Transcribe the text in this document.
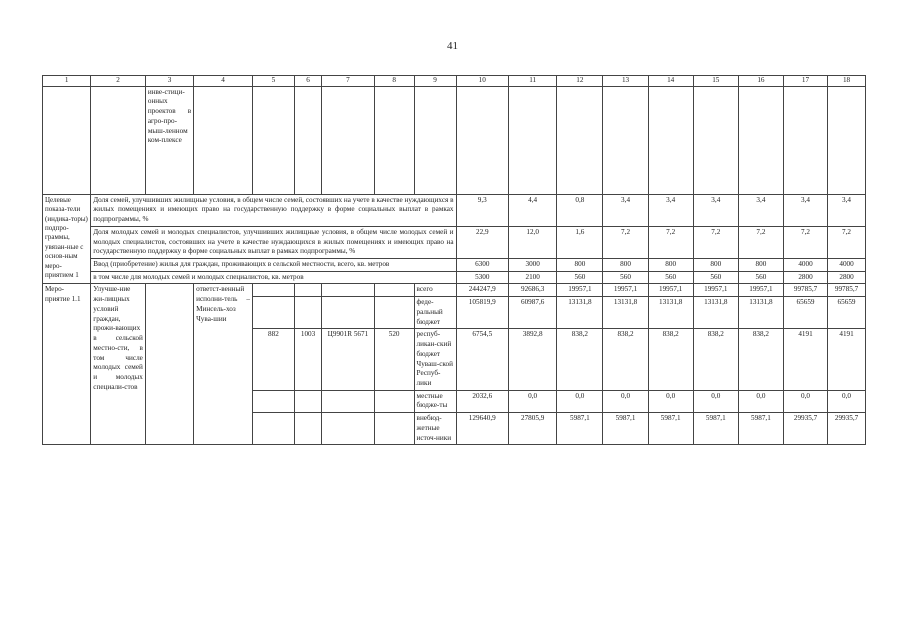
41
1	2	3	4	5	6	7	8	9	10	11	12	13	14	15	16	17	18
		инве-стици-онных проектов в агро-про-мыш-ленном ком-плексе															
Целевые показа-тели (индика-торы) подпро-граммы, увязан-ные с основ-ным меро-приятием 1	Доля семей, улучшивших жилищные условия, в общем числе семей, состоявших на учете в качестве нуждающихся в жилых помещениях и имеющих право на государственную поддержку в форме социальных выплат в рамках подпрограммы, %								9,3	4,4	0,8	3,4	3,4	3,4	3,4	3,4	3,4
	Доля молодых семей и молодых специалистов, улучшивших жилищные условия, в общем числе молодых семей и молодых специалистов, состоявших на учете в качестве нуждающихся в жилых помещениях и имеющих право на государственную поддержку в форме социальных выплат в рамках подпрограммы, %								22,9	12,0	1,6	7,2	7,2	7,2	7,2	7,2	7,2
	Ввод (приобретение) жилья для граждан, проживающих в сельской местности, всего, кв. метров								6300	3000	800	800	800	800	800	4000	4000
	в том числе для молодых семей и молодых специалистов, кв. метров								5300	2100	560	560	560	560	560	2800	2800
Меро-приятие 1.1	Улучше-ние жи-лищных условий граждан, прожи-вающих в сельской местно-сти, в том числе молодых семей и молодых специали-стов		ответст-венный исполни-тель – Минсель-хоз Чува-шии					всего	244247,9	92686,3	19957,1	19957,1	19957,1	19957,1	19957,1	99785,7	99785,7
								феде-ральный бюджет	105819,9	60987,6	13131,8	13131,8	13131,8	13131,8	13131,8	65659	65659
				882	1003	Ц9901R 5671	520	респуб-ликан-ский бюджет Чуваш-ской Респуб-лики	6754,5	3892,8	838,2	838,2	838,2	838,2	838,2	4191	4191
								местные бюдже-ты	2032,6	0,0	0,0	0,0	0,0	0,0	0,0	0,0	0,0
								внебюд-жетные источ-ники	129640,9	27805,9	5987,1	5987,1	5987,1	5987,1	5987,1	29935,7	29935,7
